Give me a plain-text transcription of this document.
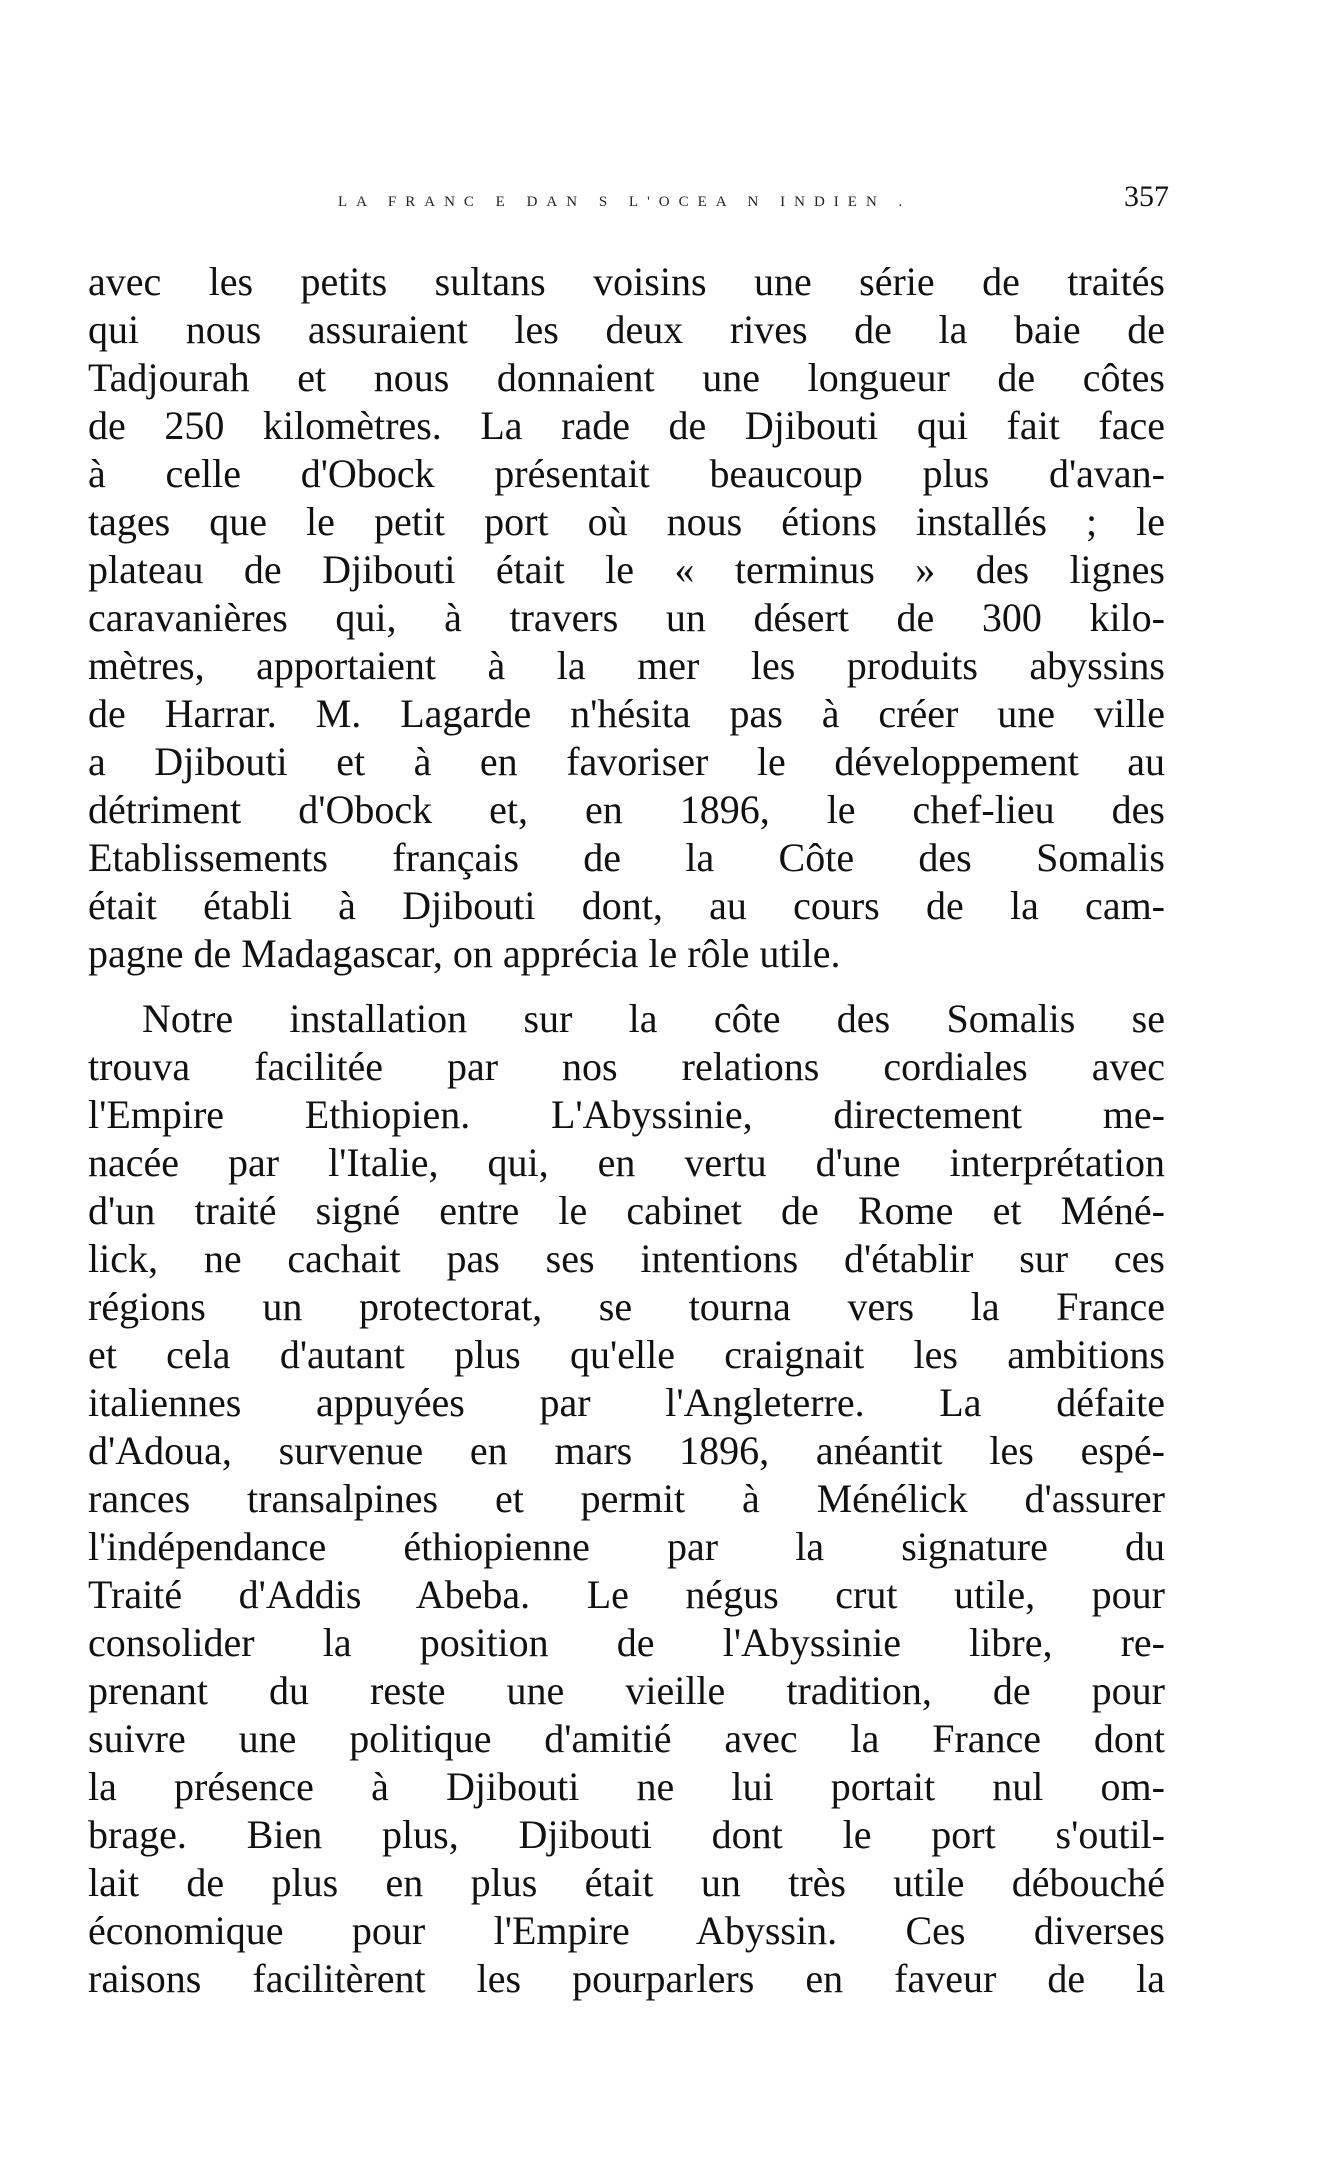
LA FRANC E DAN S L'OCEA N INDIEN .	357
avec les petits sultans voisins une série de traités
qui nous assuraient les deux rives de la baie de
Tadjourah et nous donnaient une longueur de côtes
de 250 kilomètres. La rade de Djibouti qui fait face
à celle d'Obock présentait beaucoup plus d'avan-
tages que le petit port où nous étions installés ; le
plateau de Djibouti était le « terminus » des lignes
caravanières qui, à travers un désert de 300 kilo-
mètres, apportaient à la mer les produits abyssins
de Harrar. M. Lagarde n'hésita pas à créer une ville
a Djibouti et à en favoriser le développement au
détriment d'Obock et, en 1896, le chef-lieu des
Etablissements français de la Côte des Somalis
était établi à Djibouti dont, au cours de la cam-
pagne de Madagascar, on apprécia le rôle utile.
Notre installation sur la côte des Somalis se
trouva facilitée par nos relations cordiales avec
l'Empire Ethiopien. L'Abyssinie, directement me-
nacée par l'Italie, qui, en vertu d'une interprétation
d'un traité signé entre le cabinet de Rome et Méné-
lick, ne cachait pas ses intentions d'établir sur ces
régions un protectorat, se tourna vers la France
et cela d'autant plus qu'elle craignait les ambitions
italiennes appuyées par l'Angleterre. La défaite
d'Adoua, survenue en mars 1896, anéantit les espé-
rances transalpines et permit à Ménélick d'assurer
l'indépendance éthiopienne par la signature du
Traité d'Addis Abeba. Le négus crut utile, pour
consolider la position de l'Abyssinie libre, re-
prenant du reste une vieille tradition, de pour
suivre une politique d'amitié avec la France dont
la présence à Djibouti ne lui portait nul om-
brage. Bien plus, Djibouti dont le port s'outil-
lait de plus en plus était un très utile débouché
économique pour l'Empire Abyssin. Ces diverses
raisons facilitèrent les pourparlers en faveur de la
